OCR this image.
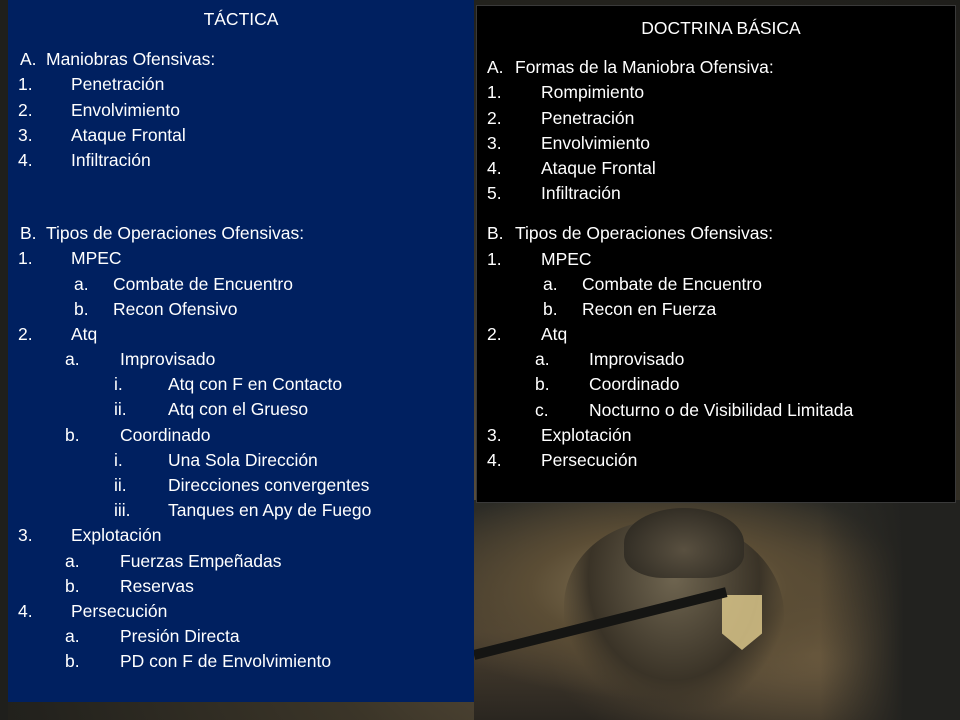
TÁCTICA
A. Maniobras Ofensivas:
1. Penetración
2. Envolvimiento
3. Ataque Frontal
4. Infiltración
B. Tipos de Operaciones Ofensivas:
1. MPEC
a. Combate de Encuentro
b. Recon Ofensivo
2. Atq
a. Improvisado
i.	Atq con F en Contacto
ii. Atq con el Grueso
b. Coordinado
i.	Una Sola Dirección
ii. Direcciones convergentes
iii. Tanques en Apy de Fuego
3. Explotación
a. Fuerzas Empeñadas
b. Reservas
4. Persecución
a. Presión Directa
b. PD con F de Envolvimiento
DOCTRINA BÁSICA
A. Formas de la Maniobra Ofensiva:
1. Rompimiento
2. Penetración
3. Envolvimiento
4. Ataque Frontal
5. Infiltración
B. Tipos de Operaciones Ofensivas:
1. MPEC
a. Combate de Encuentro
b. Recon en Fuerza
2. Atq
a. Improvisado
b. Coordinado
c. Nocturno o de Visibilidad Limitada
3. Explotación
4. Persecución
